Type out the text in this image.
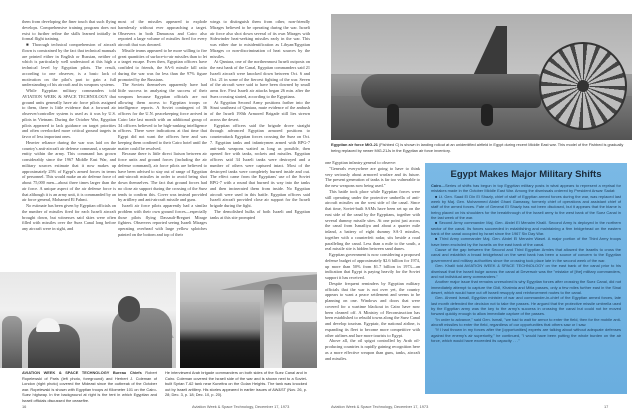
them from developing the finer touch that such flying develops. Comprehensive training program does not exist to further refine the skills learned initially in formal flight training.

■ Thorough technical comprehension of aircraft flown is constrained by the fact that technical manuals are printed either in English or Russian, neither of which is particularly well understood at this high a technical level by Egyptian pilots. The result, according to one observer, is a basic lack of motivation on the pilot's part to gain a full understanding of his aircraft and its weapons systems.

While Egyptian military commanders told AVIATION WEEK & SPACE TECHNOLOGY that ground units generally have air force pilots assigned to them, there is little evidence that a forward air observer/controller system is used as it was by U.S. pilots in Vietnam. During the October War, Egyptian pilots appeared to lack guidance on target priorities and often overlooked more critical ground targets in favor of less important ones.

Heavier reliance during the war was laid on the country's anti-aircraft air defense command, a separate entity within the army. This command has grown considerably since the 1967 Middle East War, and military sources estimate that it now makes up approximately 25% of Egypt's armed forces in terms of personnel. This would make an air defense force of about 75,000 men—about three times larger than the air force. A unique aspect of the air defense force is that although it is an army unit, it is commanded by an air force general, Mohamed El Fahmi.

No estimate has been given by Egyptian officials on the number of missiles fired for each Israeli aircraft brought down, but witnesses said skies were often filled with missiles over the Suez Canal long before any aircraft were in sight, and

most of the missiles appeared to explode harmlessly without ever approaching a target. Observers in both Damascus and Cairo also reported a large volume of missiles fired for every aircraft that was downed.

Missile teams appeared to be more willing to fire great quantities of surface-to-air missiles than to let a target escape. Even then, Egyptian officers have confided to friends, the SA-6 missile kill ratio during the war was far less than the 97% figure promoted by the Russians.

The Soviets themselves apparently have had little success in analyzing the success of their weapons because Egyptian officials are not allowing them access to Egyptian troops or intelligence reports. A Soviet contingent of 36 officers for the U.N. peacekeeping force arrived in Cairo late last month with an additional group of 34 officers believed to be high-ranking intelligence officers. There were indications at that time that Egypt did not want the officers here and was keeping them confined to their Cairo hotel until the matter could be resolved.

Because there is little direct liaison between air force units and ground forces (including the air defense command), air force pilots are believed to have been advised to stay out of range of Egyptian anti-aircraft missiles in order to avoid being shot down themselves. The fact that ground forces had no close air support during the crossing of the Suez tends to confirm this. Cover was instead provided by artillery and anti-aircraft missile and guns.

Israeli air force pilots apparently had a similar problem with their own ground forces—especially those pilots flying Dassault-Breguet Mirage fighters. Observers reported seeing Israeli Mirages operating overhead with large yellow splotches painted on the bottom and top of their

wings to distinguish them from other, non-friendly Mirages believed to be operating during the war. Israeli air force also shot down several of its own Mirages with Sidewinder heat-seeking missiles early in the war. This was either due to misidentification as Libyan/Egyptian Mirages or non-discrimination of heat sources by the missiles.

At Qantara, one of the northernmost Israeli outposts on the east bank of the Canal, Egyptian commanders said 21 Israeli aircraft were knocked down between Oct. 6 and Oct. 21 in some of the fiercest fighting of the war. Seven of the aircraft were said to have been downed by small arms fire. First Israeli air attacks began 26 min. after the Suez crossing started, according to the Egyptians.

At Egyptian Second Army positions farther into the Sinai southeast of Qantara, mute evidence of the ambush of the Israeli 190th Armored Brigade still lies strewn across the desert.

Egyptian officers said the brigade drove straight through advanced Egyptian armored positions to counterattack Egyptian forces crossing the Suez on Oct. 7. Egyptian tanks and infantrymen armed with RPG-7 anti-tank weapons waited as long as possible, then opened fire with tanks, rockets and missiles. Egyptian officers said 34 Israeli tanks were destroyed and a number of others were captured intact. Most of the destroyed tanks were completely burned inside and out. The effect came from the Egyptians' use of the Soviet RPG-7 with a round that burned its way into the tanks and then incinerated them from inside. No Egyptian aircraft were used in this battle. Egyptian officers said Israeli aircraft provided close air support for the Israeli brigade during the fight.

The demolished hulks of both Israeli and Egyptian tanks at this site prompted

AVIATION WEEK & SPACE TECHNOLOGY Bureau Chiefs Robert Ropelewski of Paris (left photo, foreground) and Herbert J. Coleman of London (right photo) covered the Mideast since the outbreak of the October war. Ropelewski is shown with Egyptian troops at Kilometer 101 on the Cairo-Suez highway. In the background at right is the tent in which Egyptian and Israeli officials discussed the ceasefire.
He interviewed Arab brigade commanders on both sides of the Suez Canal and in Cairo. Coleman covered the Israeli side of the war and is shown next to a Soviet-built Syrian T-62 tank near Kuneitra on the Golan Heights. The tank was knocked out by Israeli artillery. His stories appeared in earlier issues of AW&ST (Nov. 26, p. 28; Dec. 3, p. 18; Dec. 10, p. 20).
Egyptian air force MiG-21 (Fishbed C) is shown in landing rollout at an unidentified airfield in Egypt during recent Middle East war. This model of the Fishbed is gradually being replaced by newer MiG-21Js in the Egyptian air force inventory.

one Egyptian infantry general to observe:

"Generals everywhere are going to have to think very seriously about armored warfare and its future. The present generation of tanks is far too vulnerable to the new weapons now being used."

This battle took place while Egyptian forces were still operating under the protective umbrella of anti-aircraft missiles on the west side of the canal. Since that time, Soviet-built SAMs have been set up on the east side of the canal by the Egyptians, together with several dummy missile sites. At one point just across the canal from Ismailiya and about a quarter mile inland, a battery of eight dummy SA-3 missiles, together with a counterfeit radar, sits beside a road paralleling the canal. Less than a mile to the south, a real missile site is hidden between sand dunes.

Egyptian government is now considering a proposed defense budget of approximately $2.6 billion for 1974, up more than 50% from $1.7 billion in 1973—an indication that Egypt is paying heavily for the Soviet support it has received.

Despite frequent reminders by Egyptian military officials that the war is not over yet, the country appears to want a peace settlement and seems to be planning on one. Windows and doors that were covered for a wartime blackout in Cairo have now been cleaned off. A Ministry of Reconstruction has been established to rebuild towns along the Suez Canal and develop tourism. Egyptair, the national airline, is expanding its fleet to become more competitive with other airlines and lure more tourists to Egypt.

Above all, the oil spigot controlled by Arab oil-producing countries is rapidly gaining recognition here as a more effective weapon than guns, tanks, aircraft and missiles.

Egypt Makes Major Military Shifts

Cairo—Series of shifts has begun in top Egyptian military posts in what appears to represent a reprisal for mistakes made in the October Middle East War. Among the dismissals ordered by President Anwar Sadat:

■ Lt. Gen. Saad El Din El Shazly, chief of staff of Egyptian armed forces during the war, was replaced last week by Maj. Gen. Mohammed Abdel Ghani Gamassy, formerly chief of operations and assistant chief of staff of the armed forces. Fate of General El Shazly has not been disclosed, but it appears that the blame is being placed on his shoulders for the breakthrough of the Israeli army to the west bank of the Suez Canal in the last week of the war.

■ Second Army commander Maj. Gen. Abdel El Menaim Khalil. Second Army is deployed in the northern sector of the canal. Its forces succeeded in establishing and maintaining a firm bridgehead on the eastern bank of the canal occupied by Israel since the 1967 Six Day War.

■ Third Army commander Maj. Gen. Abdel El Menaim Wasel. A major portion of the Third Army troops have been encircled by the Israelis on the east bank of the canal.

Cause of the gap between the Second and Third Egyptian Armies that allowed the Israelis to cross the canal and establish a broad bridgehead on the west bank has been a source of concern to the Egyptian government and military authorities since the crossing took place late in the second week of the war.

Gen. Khalil told AVIATION WEEK & SPACE TECHNOLOGY on the east bank of the canal prior to his dismissal that the Israeli bulge across the canal at Deversoir was the "mistake of [the] military commanders, and not individual army commanders."

Another major issue that remains unresolved is why Egyptian forces after crossing the Suez Canal, did not immediately attempt to capture the Gidi, Khatmia and Mitla passes, only a few miles further east in the Sinai desert, which would have cut off Israeli resupply and reinforcement routes to the canal.

Gen. Ahmed Ismail, Egyptian minister of war and commander-in-chief of the Egyptian armed forces, late last month defended the decision not to take the passes. He argued that the protective missile umbrella used by the Egyptian army was the key to the army's success in crossing the canal but could not be moved forward quickly enough to allow immediate capture of the passes.

"In order to advance," said Gen. Ismail, "we had to wait for armor to enter the field, then for the mobile anti-aircraft missiles to enter the field, regardless of our opportunities that others saw or I saw.

"If I had thrown in my forces after the [opportunities] experts are talking about without adequate defenses against the enemy's air superiority," he continued, "I would have been putting the whole burden on the air force, which would have exceeded its capacity . . ."

16	Aviation Week & Space Technology, December 17, 1973	Aviation Week & Space Technology, December 17, 1973	17
